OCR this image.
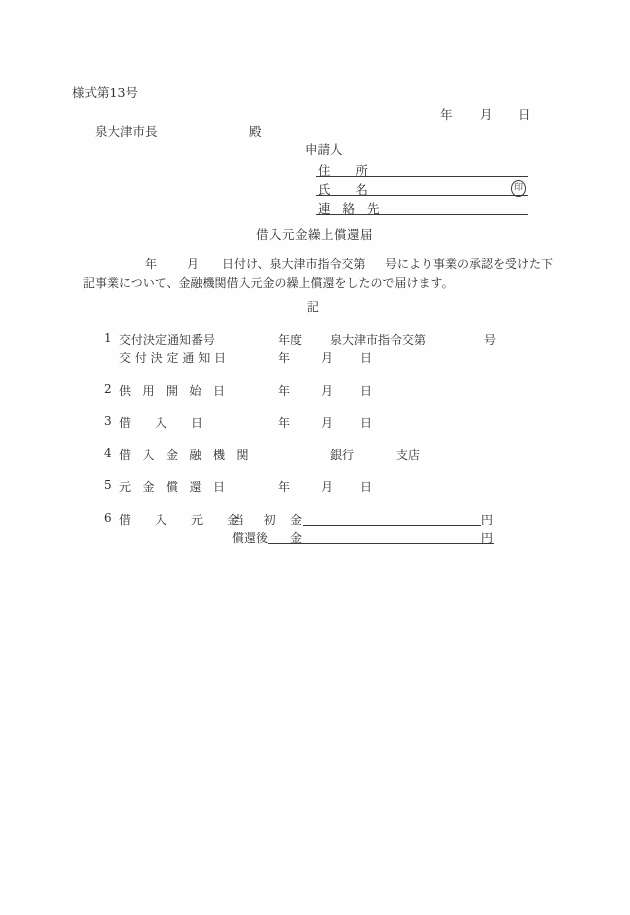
様式第13号
年 月 日
泉大津市長	殿
申請人
住　　所
氏　　名	印
連 絡 先
借入元金繰上償還届
年 月 日付け、泉大津市指令交第 号により事業の承認を受けた下
記事業について、金融機関借入元金の繰上償還をしたので届けます。
記
1 交付決定通知番号	年度 泉大津市指令交第	号
交付決定通知日	年	月 日
2 供 用 開 始 日	年	月 日
3 借　　入　　日	年	月 日
4 借 入 金 融 機 関	銀行	支店
5 元 金 償 還 日	年	月 日
6 借　　入　　元　　金
当　初 金	円
償還後 金	円
